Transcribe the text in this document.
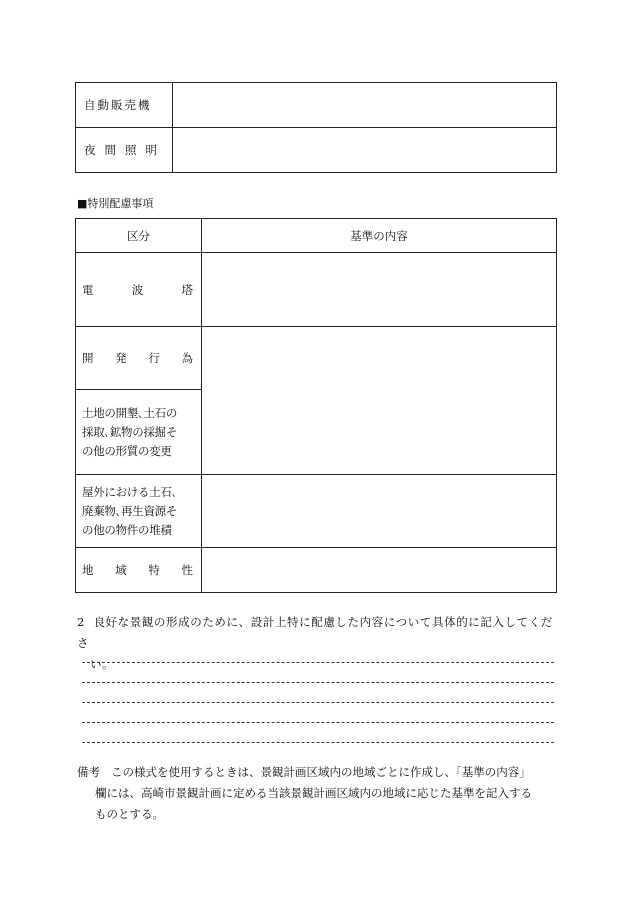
自動販売機	
夜間照明	
■特別配慮事項
区分	基準の内容

電 波 塔	

開 発 行 為	

土地の開墾､土石の
採取､鉱物の採掘そ
の他の形質の変更	

屋外における土石､
廃棄物､再生資源そ
の他の物件の堆積	

地 域 特 性	

2 良好な景観の形成のために、設計上特に配慮した内容について具体的に記入してくださ
い。
備考 この様式を使用するときは、景観計画区域内の地域ごとに作成し、「基準の内容」
欄には、高崎市景観計画に定める当該景観計画区域内の地域に応じた基準を記入する
ものとする。
